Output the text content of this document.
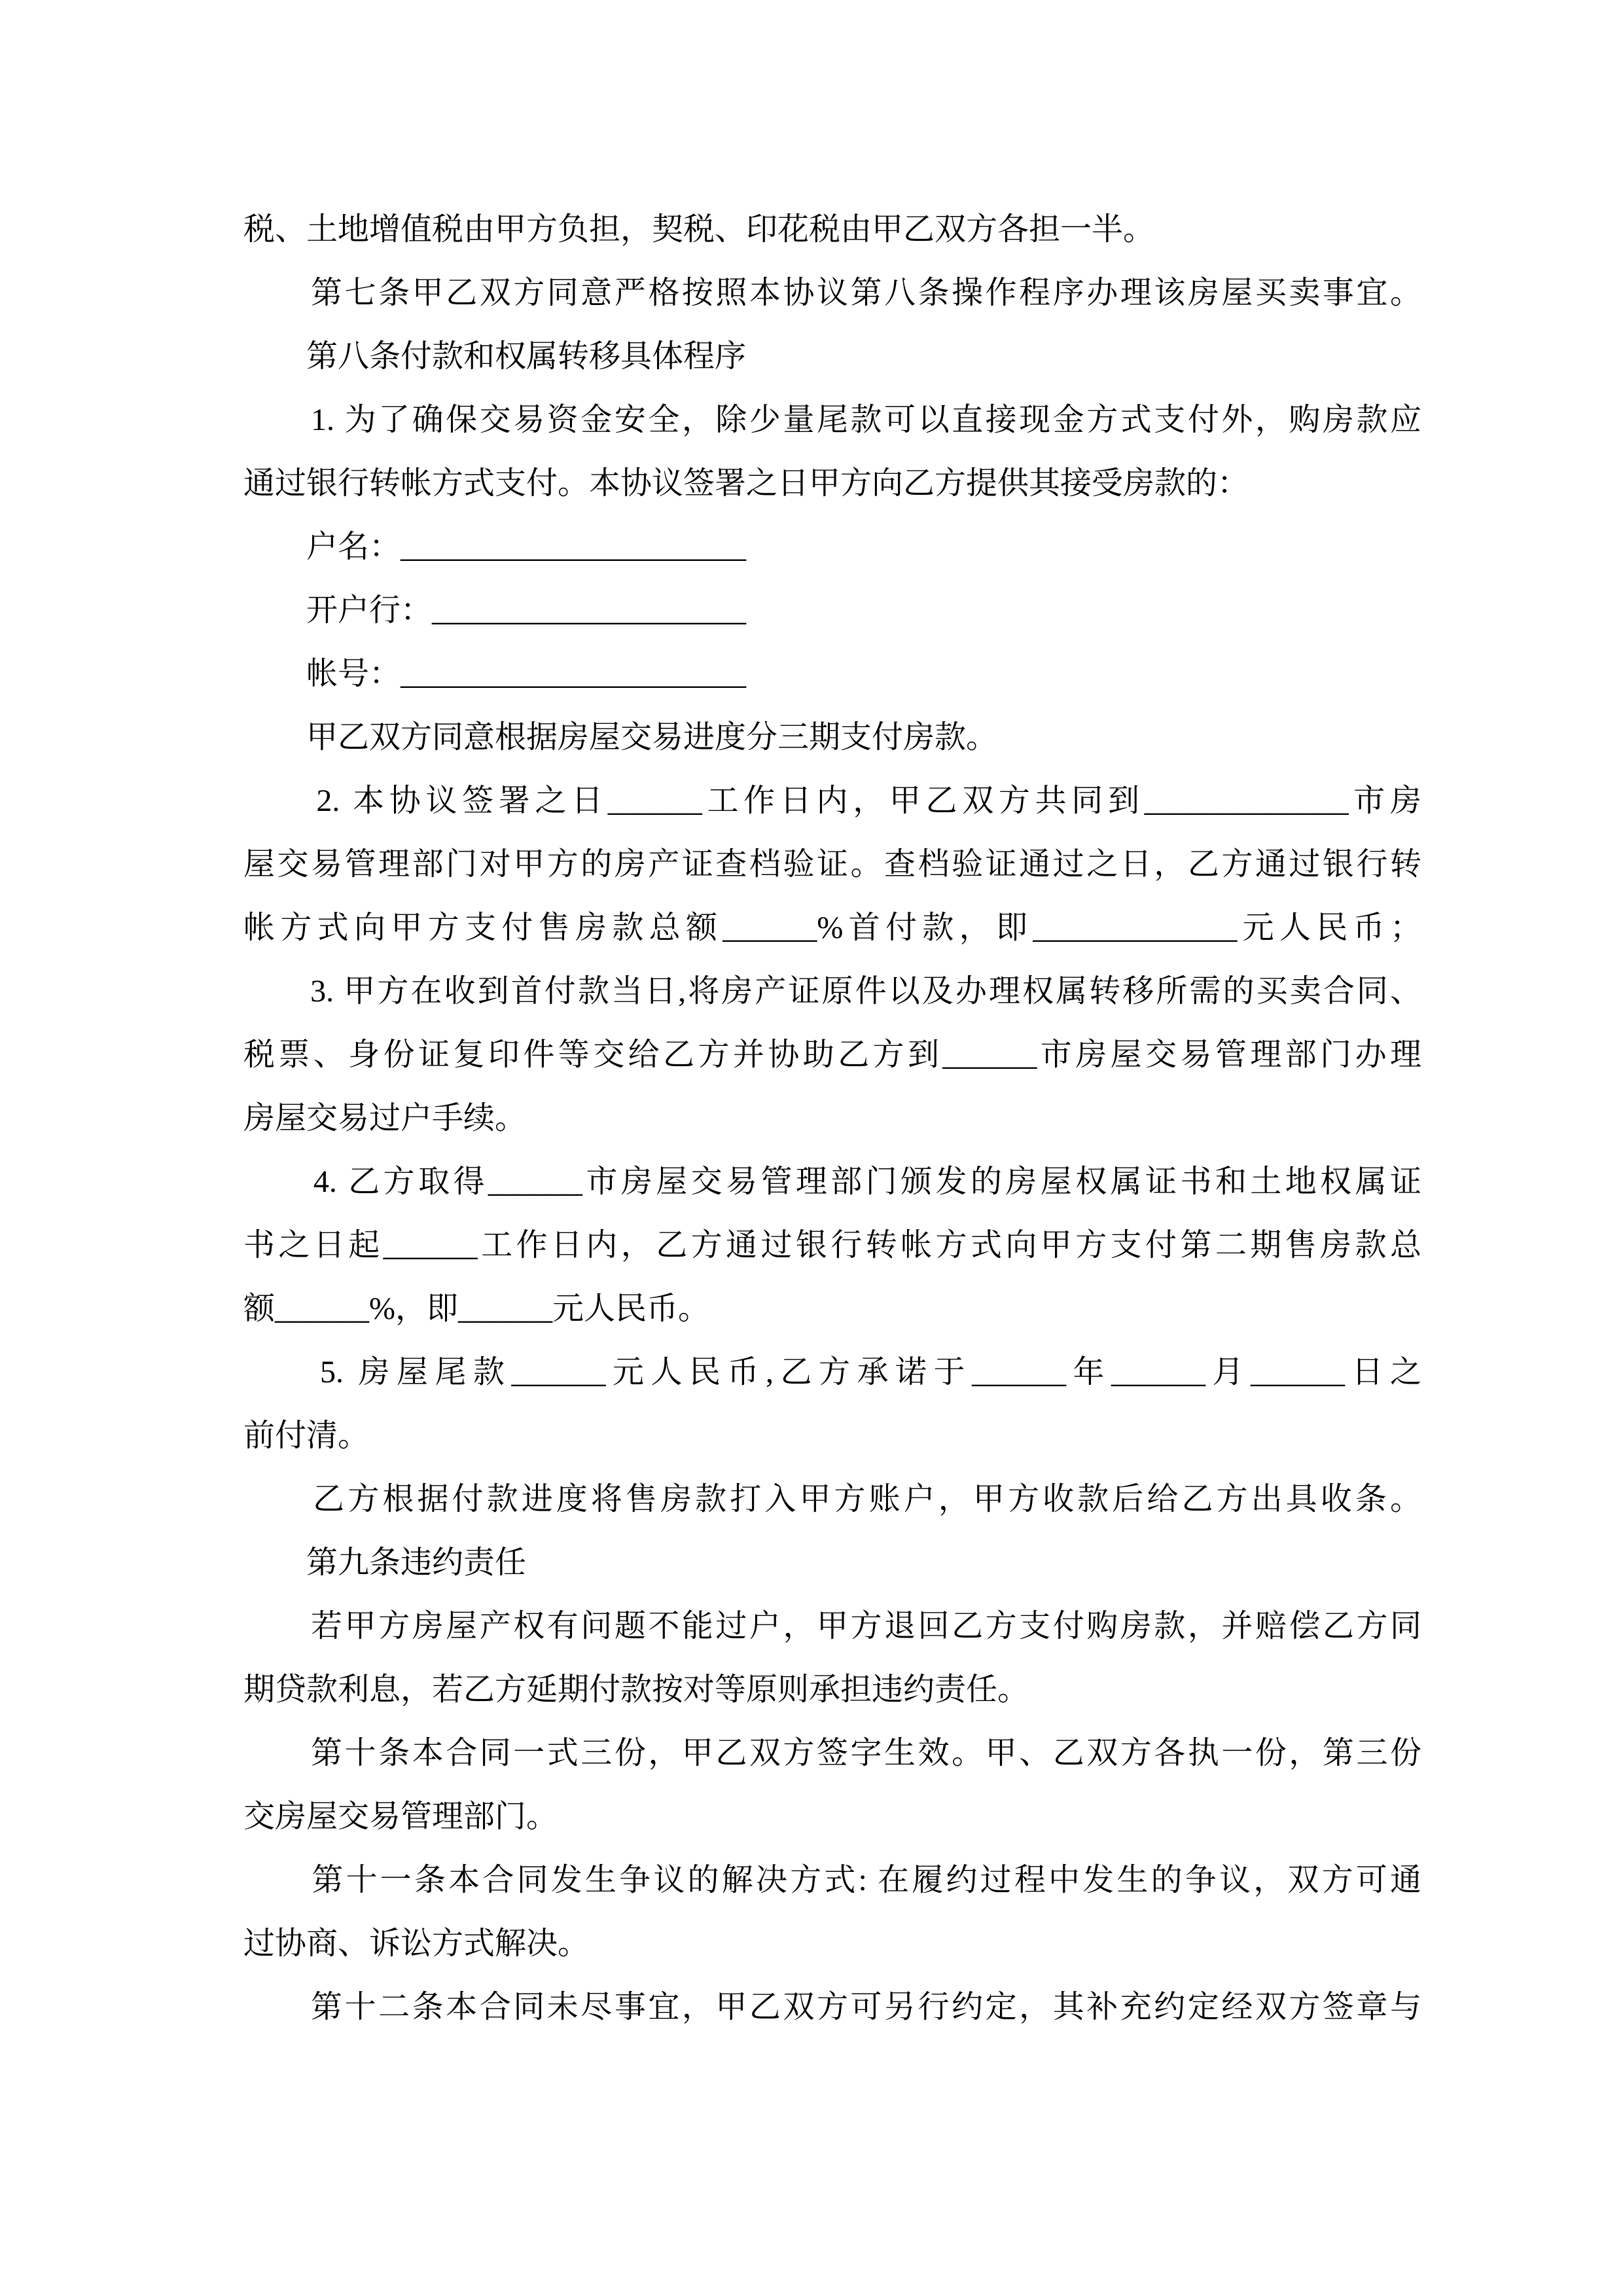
税、土地增值税由甲方负担，契税、印花税由甲乙双方各担一半。
　　第七条甲乙双方同意严格按照本协议第八条操作程序办理该房屋买卖事宜。
　　第八条付款和权属转移具体程序
　　1. 为了确保交易资金安全，除少量尾款可以直接现金方式支付外，购房款应
通过银行转帐方式支付。本协议签署之日甲方向乙方提供其接受房款的：
　　户名：______________________
　　开户行：____________________
　　帐号：______________________
　　甲乙双方同意根据房屋交易进度分三期支付房款。
　　2. 本协议签署之日______工作日内，甲乙双方共同到_____________市房
屋交易管理部门对甲方的房产证查档验证。查档验证通过之日，乙方通过银行转
帐方式向甲方支付售房款总额______%首付款，即_____________元人民币；
　　3. 甲方在收到首付款当日,将房产证原件以及办理权属转移所需的买卖合同、
税票、身份证复印件等交给乙方并协助乙方到______市房屋交易管理部门办理
房屋交易过户手续。
　　4. 乙方取得______市房屋交易管理部门颁发的房屋权属证书和土地权属证
书之日起______工作日内，乙方通过银行转帐方式向甲方支付第二期售房款总
额______%，即______元人民币。
　　5. 房屋尾款______元人民币,乙方承诺于______年______月______日之
前付清。
　　乙方根据付款进度将售房款打入甲方账户，甲方收款后给乙方出具收条。
　　第九条违约责任
　　若甲方房屋产权有问题不能过户，甲方退回乙方支付购房款，并赔偿乙方同
期贷款利息，若乙方延期付款按对等原则承担违约责任。
　　第十条本合同一式三份，甲乙双方签字生效。甲、乙双方各执一份，第三份
交房屋交易管理部门。
　　第十一条本合同发生争议的解决方式: 在履约过程中发生的争议，双方可通
过协商、诉讼方式解决。
　　第十二条本合同未尽事宜，甲乙双方可另行约定，其补充约定经双方签章与
